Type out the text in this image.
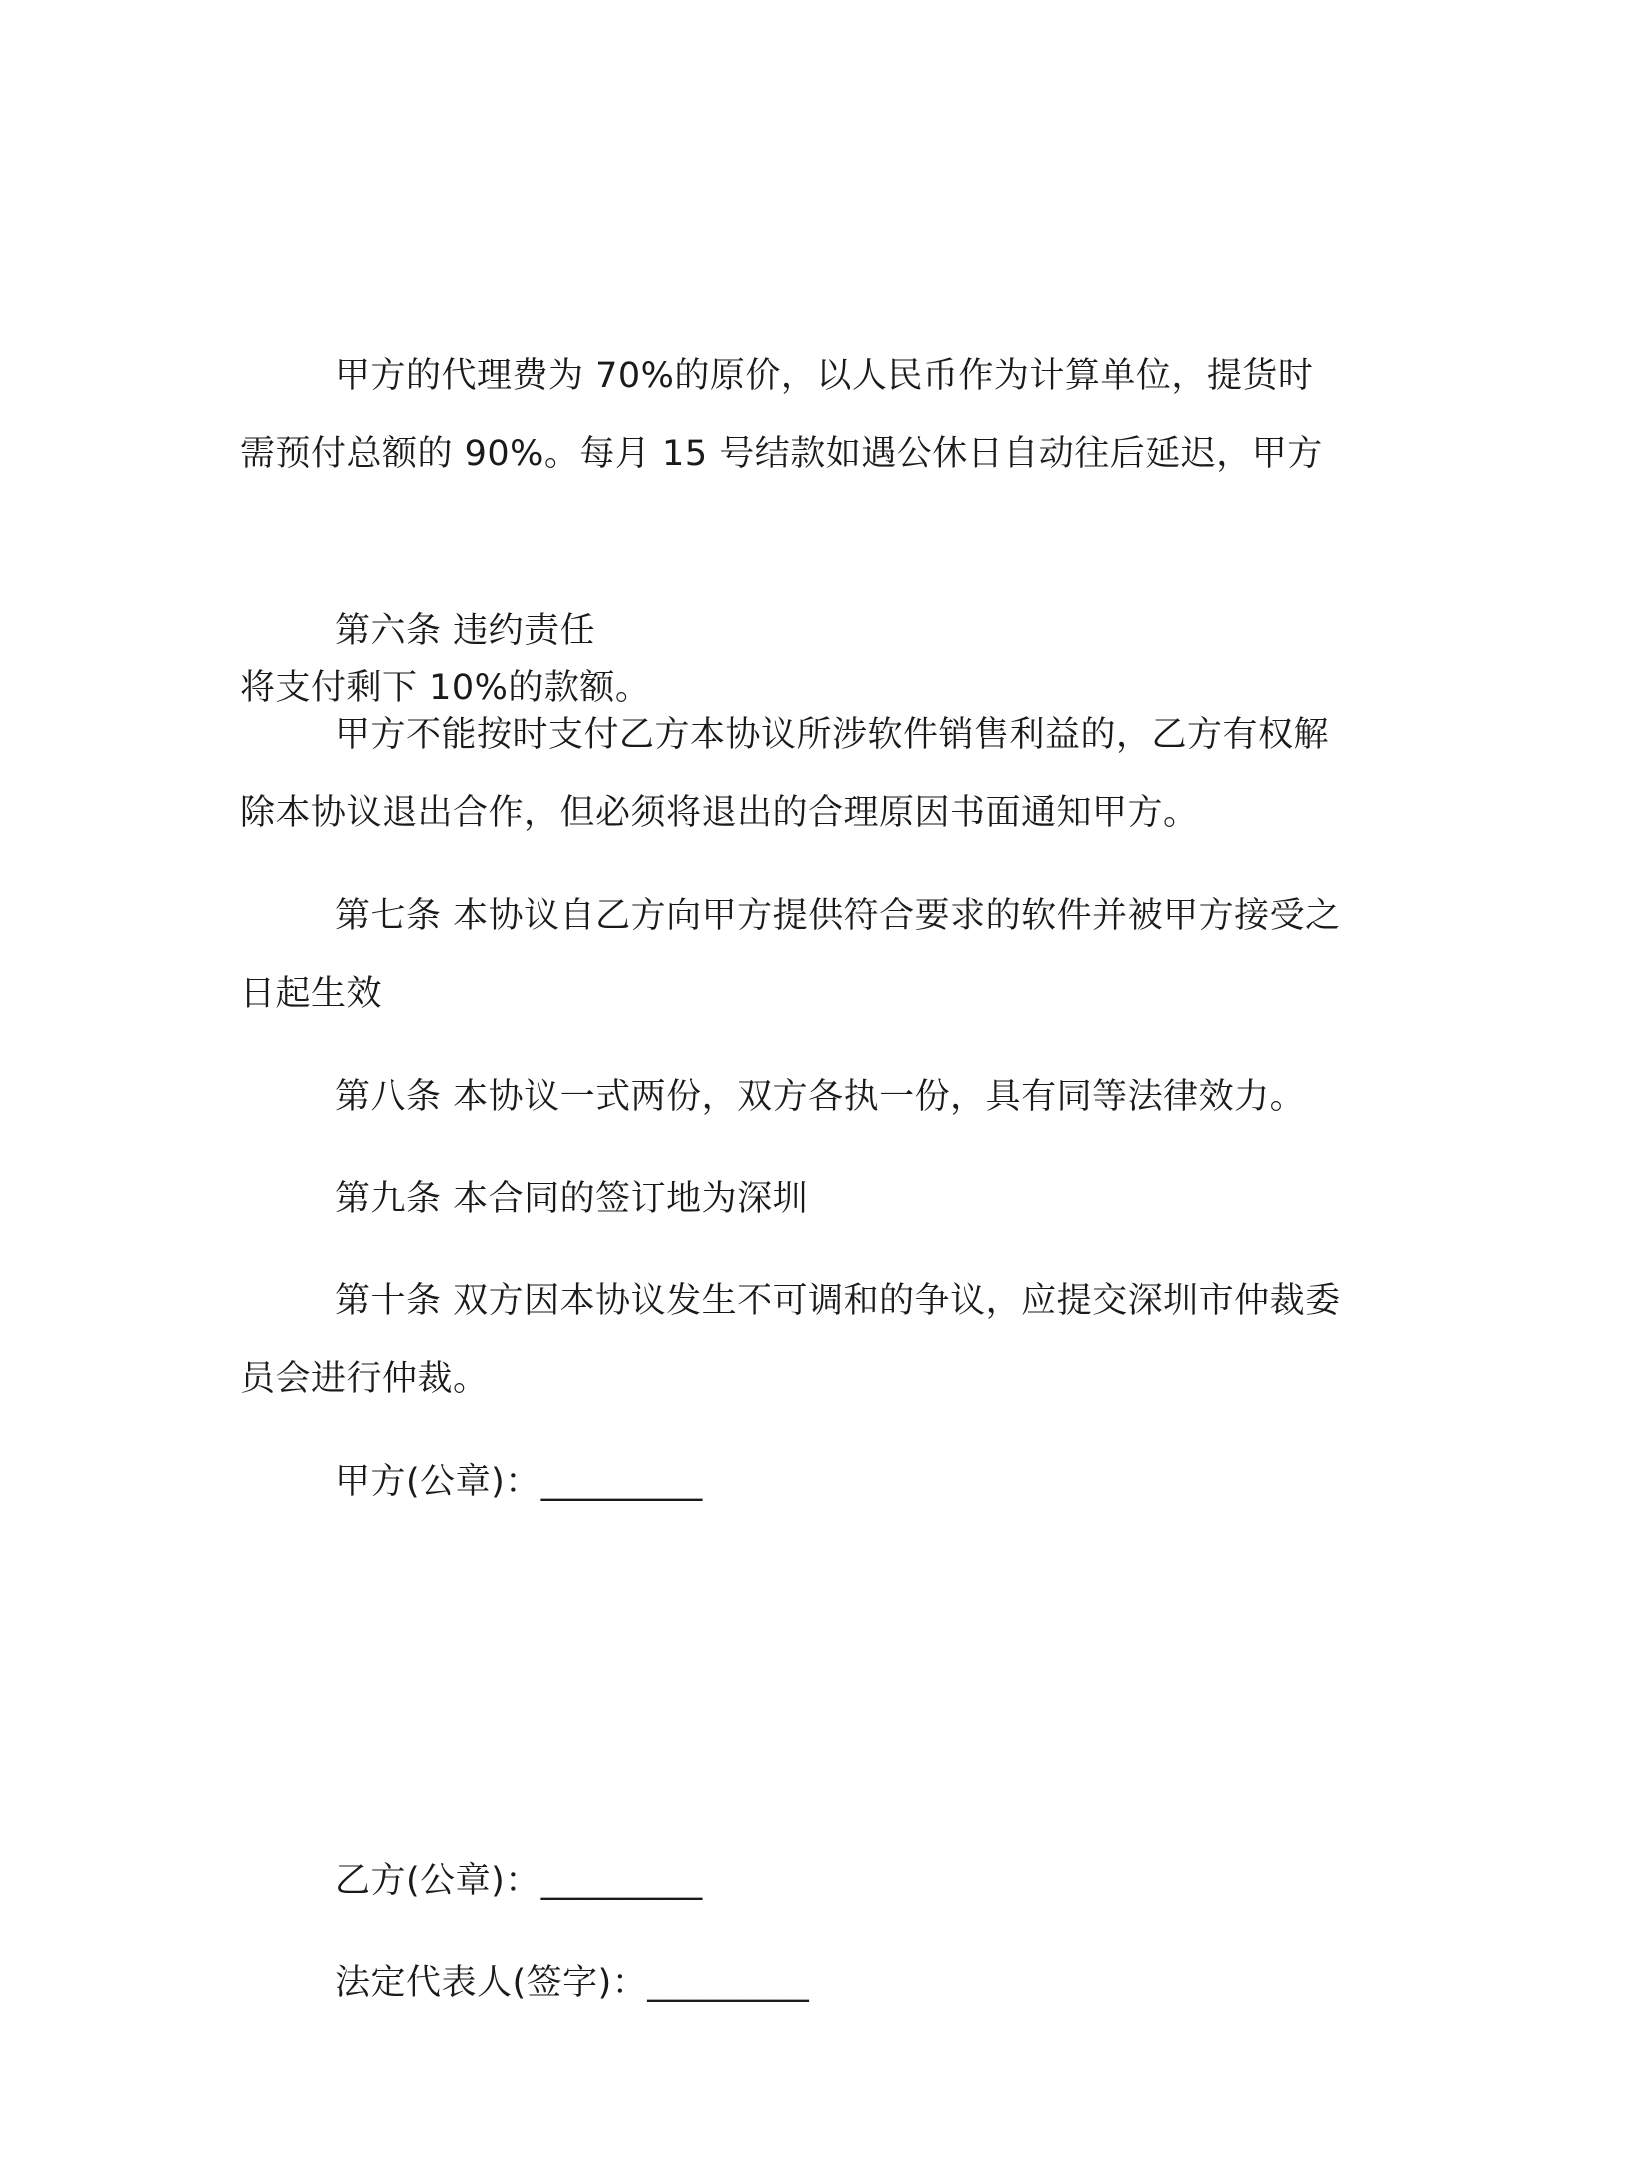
甲方的代理费为 70%的原价，以人民币作为计算单位，提货时

需预付总额的 90%。每月 15 号结款如遇公休日自动往后延迟，甲方

将支付剩下 10%的款额。

第六条 违约责任

甲方不能按时支付乙方本协议所涉软件销售利益的，乙方有权解

除本协议退出合作，但必须将退出的合理原因书面通知甲方。

第七条 本协议自乙方向甲方提供符合要求的软件并被甲方接受之

日起生效

第八条 本协议一式两份，双方各执一份，具有同等法律效力。

第九条 本合同的签订地为深圳

第十条 双方因本协议发生不可调和的争议，应提交深圳市仲裁委

员会进行仲裁。

甲方(公章)：_________

乙方(公章)：_________

法定代表人(签字)：_________
